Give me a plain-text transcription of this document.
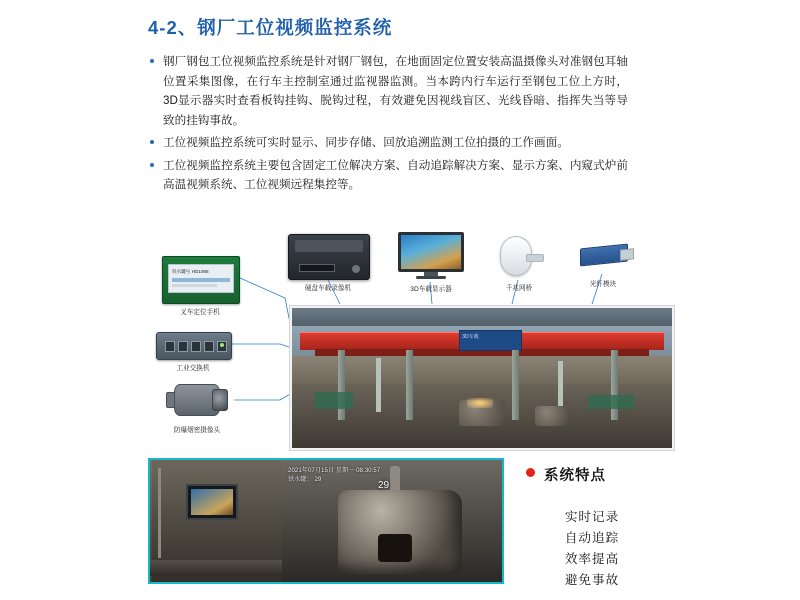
4-2、钢厂工位视频监控系统
钢厂钢包工位视频监控系统是针对钢厂钢包，在地面固定位置安装高温摄像头对准钢包耳轴位置采集图像，在行车主控制室通过监视器监测。当本跨内行车运行至钢包工位上方时，3D显示器实时查看板钩挂钩、脱钩过程，有效避免因视线盲区、光线昏暗、指挥失当等导致的挂钩事故。
工位视频监控系统可实时显示、同步存储、回放追溯监测工位拍摄的工作画面。
工位视频监控系统主要包含固定工位解决方案、自动追踪解决方案、显示方案、内窥式炉前高温视频系统、工位视频远程集控等。
铁水罐号 HD1088
叉车定位手机
工业交换机
防爆烟密摄像头
硬盘车载录像机	3D车载显示器	千兆网桥
光纤模块
3D车载
2021年07月15日 星期一 08:30:57
铁水罐： 29
29
系统特点
实时记录
自动追踪
效率提高
避免事故
